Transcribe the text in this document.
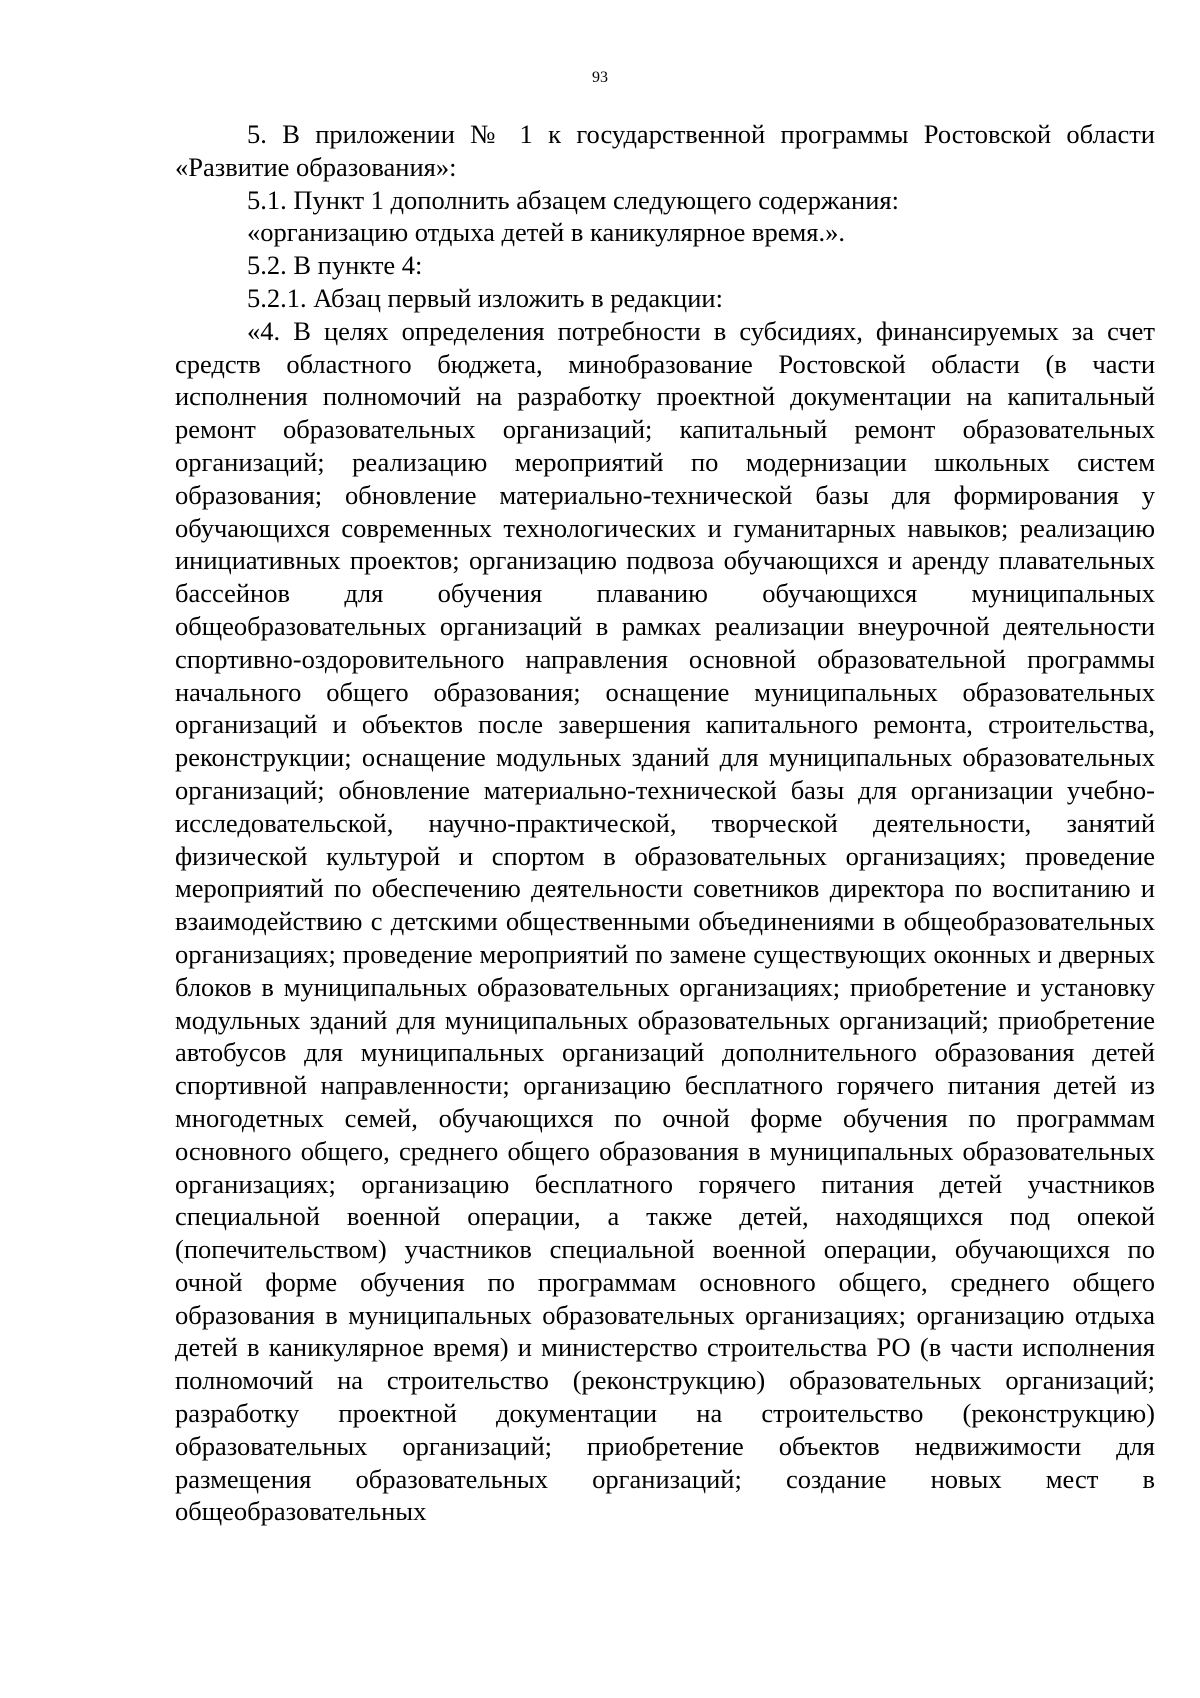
93

5. В приложении № 1 к государственной программы Ростовской области «Развитие образования»:

5.1. Пункт 1 дополнить абзацем следующего содержания:

«организацию отдыха детей в каникулярное время.».

5.2. В пункте 4:

5.2.1. Абзац первый изложить в редакции:

«4. В целях определения потребности в субсидиях, финансируемых за счет средств областного бюджета, минобразование Ростовской области (в части исполнения полномочий на разработку проектной документации на капитальный ремонт образовательных организаций; капитальный ремонт образовательных организаций; реализацию мероприятий по модернизации школьных систем образования; обновление материально-технической базы для формирования у обучающихся современных технологических и гуманитарных навыков; реализацию инициативных проектов; организацию подвоза обучающихся и аренду плавательных бассейнов для обучения плаванию обучающихся муниципальных общеобразовательных организаций в рамках реализации внеурочной деятельности спортивно-оздоровительного направления основной образовательной программы начального общего образования; оснащение муниципальных образовательных организаций и объектов после завершения капитального ремонта, строительства, реконструкции; оснащение модульных зданий для муниципальных образовательных организаций; обновление материально-технической базы для организации учебно-исследовательской, научно-практической, творческой деятельности, занятий физической культурой и спортом в образовательных организациях; проведение мероприятий по обеспечению деятельности советников директора по воспитанию и взаимодействию с детскими общественными объединениями в общеобразовательных организациях; проведение мероприятий по замене существующих оконных и дверных блоков в муниципальных образовательных организациях; приобретение и установку модульных зданий для муниципальных образовательных организаций; приобретение автобусов для муниципальных организаций дополнительного образования детей спортивной направленности; организацию бесплатного горячего питания детей из многодетных семей, обучающихся по очной форме обучения по программам основного общего, среднего общего образования в муниципальных образовательных организациях; организацию бесплатного горячего питания детей участников специальной военной операции, а также детей, находящихся под опекой (попечительством) участников специальной военной операции, обучающихся по очной форме обучения по программам основного общего, среднего общего образования в муниципальных образовательных организациях; организацию отдыха детей в каникулярное время) и министерство строительства РО (в части исполнения полномочий на строительство (реконструкцию) образовательных организаций; разработку проектной документации на строительство (реконструкцию) образовательных организаций; приобретение объектов недвижимости для размещения образовательных организаций; создание новых мест в общеобразовательных
